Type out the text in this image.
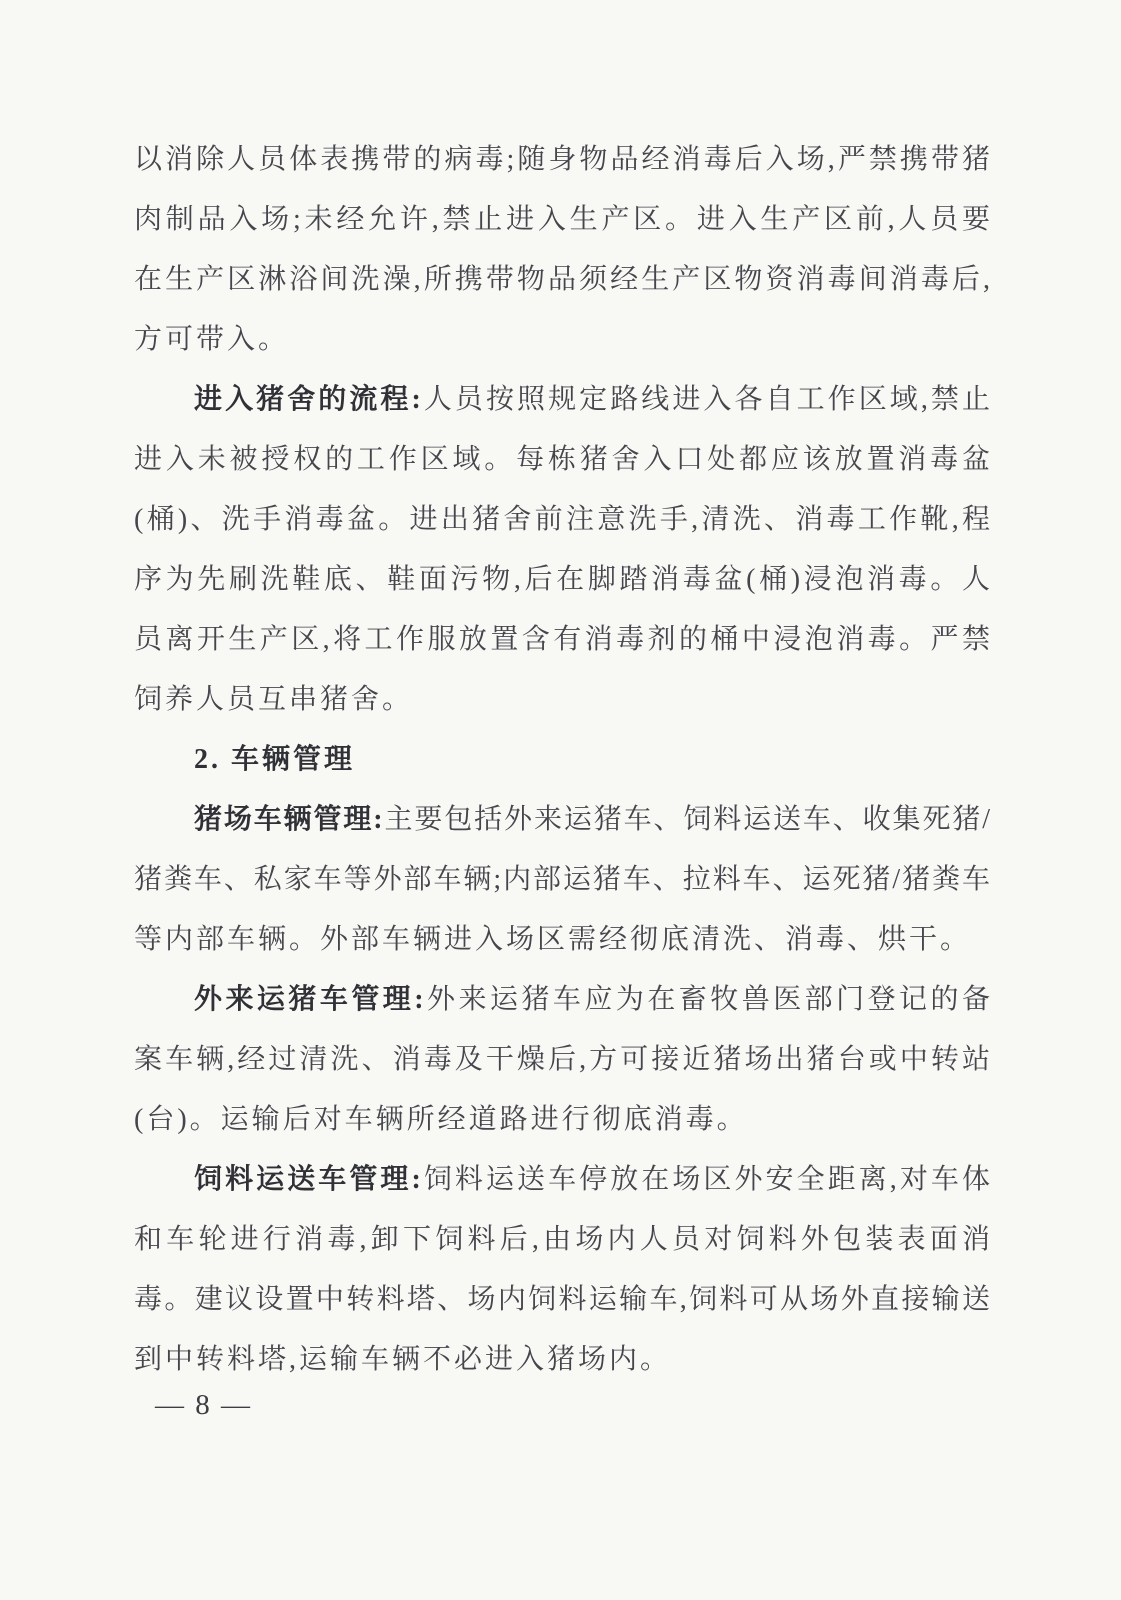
以消除人员体表携带的病毒;随身物品经消毒后入场,严禁携带猪
肉制品入场;未经允许,禁止进入生产区。进入生产区前,人员要
在生产区淋浴间洗澡,所携带物品须经生产区物资消毒间消毒后,
方可带入。
进入猪舍的流程:人员按照规定路线进入各自工作区域,禁止
进入未被授权的工作区域。每栋猪舍入口处都应该放置消毒盆
(桶)、洗手消毒盆。进出猪舍前注意洗手,清洗、消毒工作靴,程
序为先刷洗鞋底、鞋面污物,后在脚踏消毒盆(桶)浸泡消毒。人
员离开生产区,将工作服放置含有消毒剂的桶中浸泡消毒。严禁
饲养人员互串猪舍。
2. 车辆管理
猪场车辆管理:主要包括外来运猪车、饲料运送车、收集死猪/
猪粪车、私家车等外部车辆;内部运猪车、拉料车、运死猪/猪粪车
等内部车辆。外部车辆进入场区需经彻底清洗、消毒、烘干。
外来运猪车管理:外来运猪车应为在畜牧兽医部门登记的备
案车辆,经过清洗、消毒及干燥后,方可接近猪场出猪台或中转站
(台)。运输后对车辆所经道路进行彻底消毒。
饲料运送车管理:饲料运送车停放在场区外安全距离,对车体
和车轮进行消毒,卸下饲料后,由场内人员对饲料外包装表面消
毒。建议设置中转料塔、场内饲料运输车,饲料可从场外直接输送
到中转料塔,运输车辆不必进入猪场内。
— 8 —
